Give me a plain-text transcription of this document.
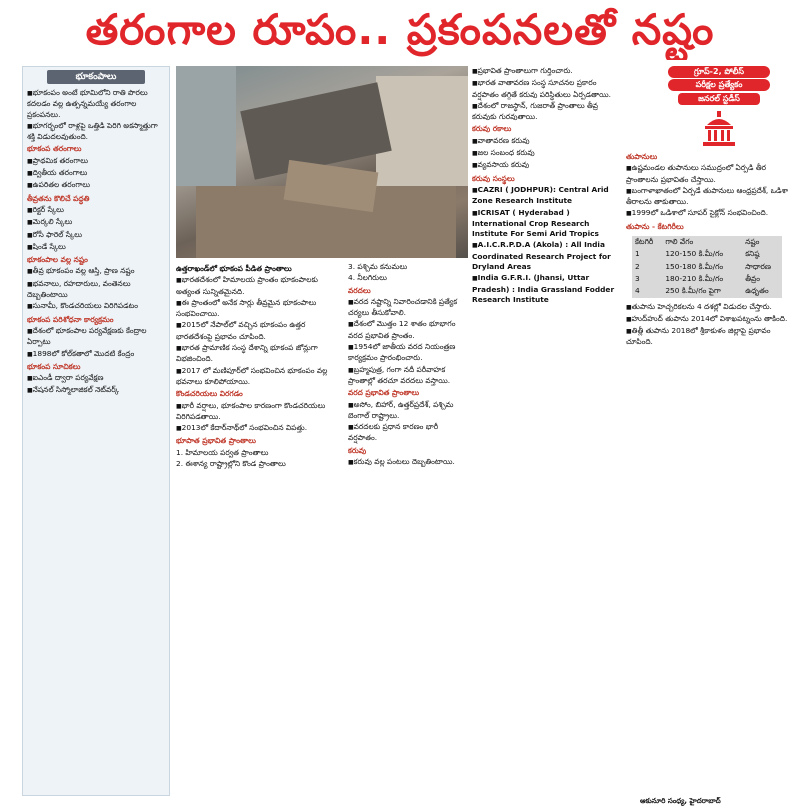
తరంగాల రూపం.. ప్రకంపనలతో నష్టం

భూకంపాలు

■ భూకంపం అంటే భూమిలోని రాతి పొరలు కదలడం వల్ల ఉత్పన్నమయ్యే తరంగాల ప్రకంపనలు.

■ భూగర్భంలో రాళ్లపై ఒత్తిడి పెరిగి అకస్మాత్తుగా శక్తి విడుదలవుతుంది.

భూకంప తరంగాలు

■ ప్రాథమిక తరంగాలు

■ ద్వితీయ తరంగాలు

■ ఉపరితల తరంగాలు

తీవ్రతను కొలిచే పద్ధతి

■ రిక్టర్ స్కేలు

■ మెర్కలి స్కేలు

■ రోసీ ఫారెల్ స్కేలు

■ షిండే స్కేలు

భూకంపాల వల్ల నష్టం

■ తీవ్ర భూకంపం వల్ల ఆస్తి, ప్రాణ నష్టం

■ భవనాలు, రహదారులు, వంతెనలు దెబ్బతింటాయి

■ సునామీ, కొండచరియలు విరిగిపడటం

భూకంప పరిశోధనా కార్యక్రమం

■ దేశంలో భూకంపాల పర్యవేక్షణకు కేంద్రాల ఏర్పాటు

■ 1898లో కోల్‌కతాలో మొదటి కేంద్రం

భూకంప సూచికలు

■ ఐఎండీ ద్వారా పర్యవేక్షణ

■ నేషనల్ సిస్మోలాజికల్ నెట్‌వర్క్

ఉత్తరాఖండ్‌లో భూకంప పీడిత ప్రాంతాలు

■ భారతదేశంలో హిమాలయ ప్రాంతం భూకంపాలకు అత్యంత సున్నితమైనది.

■ ఈ ప్రాంతంలో అనేక సార్లు తీవ్రమైన భూకంపాలు సంభవించాయి.

■ 2015లో నేపాల్‌లో వచ్చిన భూకంపం ఉత్తర భారతదేశంపై ప్రభావం చూపింది.

■ భారత ప్రామాణిక సంస్థ దేశాన్ని భూకంప జోన్లుగా విభజించింది.

■ 2017 లో మణిపూర్‌లో సంభవించిన భూకంపం వల్ల భవనాలు కూలిపోయాయి.

కొండచరియలు విరగడం

■ భారీ వర్షాలు, భూకంపాల కారణంగా కొండచరియలు విరిగిపడతాయి.

■ 2013లో కేదార్‌నాథ్‌లో సంభవించిన విపత్తు.

భూపాత ప్రభావిత ప్రాంతాలు

1. హిమాలయ పర్వత ప్రాంతాలు

2. ఈశాన్య రాష్ట్రాల్లోని కొండ ప్రాంతాలు

3. పశ్చిమ కనుమలు

4. నీలగిరులు

వరదలు

■ వరద నష్టాన్ని నివారించడానికి ప్రత్యేక చర్యలు తీసుకోవాలి.

■ దేశంలో మొత్తం 12 శాతం భూభాగం వరద ప్రభావిత ప్రాంతం.

■ 1954లో జాతీయ వరద నియంత్రణ కార్యక్రమం ప్రారంభించారు.

■ బ్రహ్మపుత్ర, గంగా నదీ పరీవాహక ప్రాంతాల్లో తరచూ వరదలు వస్తాయి.

వరద ప్రభావిత ప్రాంతాలు

■ అసోం, బిహార్, ఉత్తర్‌ప్రదేశ్, పశ్చిమ బెంగాల్ రాష్ట్రాలు.

■ వరదలకు ప్రధాన కారణం భారీ వర్షపాతం.

కరువు

■ కరువు వల్ల పంటలు దెబ్బతింటాయి.

■ ప్రభావిత ప్రాంతాలుగా గుర్తించారు.

■ భారత వాతావరణ సంస్థ సూచనల ప్రకారం వర్షపాతం తగ్గితే కరువు పరిస్థితులు ఏర్పడతాయి.

■ దేశంలో రాజస్థాన్, గుజరాత్ ప్రాంతాలు తీవ్ర కరువుకు గురవుతాయి.

కరువు రకాలు

■ వాతావరణ కరువు

■ జల సంబంధ కరువు

■ వ్యవసాయ కరువు

కరువు సంస్థలు

■ CAZRI ( JODHPUR): Central Arid Zone Research Institute

■ ICRISAT ( Hyderabad ) International Crop Research Institute For Semi Arid Tropics

■ A.I.C.R.P.D.A (Akola) : All India Coordinated Research Project for Dryland Areas

■ India G.F.R.I. (Jhansi, Uttar Pradesh) : India Grassland Fodder Research Institute

గ్రూప్-2, పోలీస్
పరీక్షల ప్రత్యేకం
జనరల్ స్టడీస్

తుపానులు

■ ఉష్ణమండల తుపానులు సముద్రంలో ఏర్పడి తీర ప్రాంతాలను ప్రభావితం చేస్తాయి.

■ బంగాళాఖాతంలో ఏర్పడే తుపానులు ఆంధ్రప్రదేశ్, ఒడిశా తీరాలను తాకుతాయి.

■ 1999లో ఒడిశాలో సూపర్ సైక్లోన్ సంభవించింది.

తుపాను - కేటగిరీలు

కేటగిరీ	గాలి వేగం	నష్టం
1	120-150 కి.మీ/గం	కనిష్ఠ
2	150-180 కి.మీ/గం	సాధారణ
3	180-210 కి.మీ/గం	తీవ్రం
4	250 కి.మీ/గం పైగా	ఉధృతం

■ తుపాను హెచ్చరికలను 4 దశల్లో విడుదల చేస్తారు.

■ హుద్‌హుద్ తుపాను 2014లో విశాఖపట్నంను తాకింది.

■ తిత్లీ తుపాను 2018లో శ్రీకాకుళం జిల్లాపై ప్రభావం చూపింది.

ఆకునూరి సంధ్య, హైదరాబాద్
